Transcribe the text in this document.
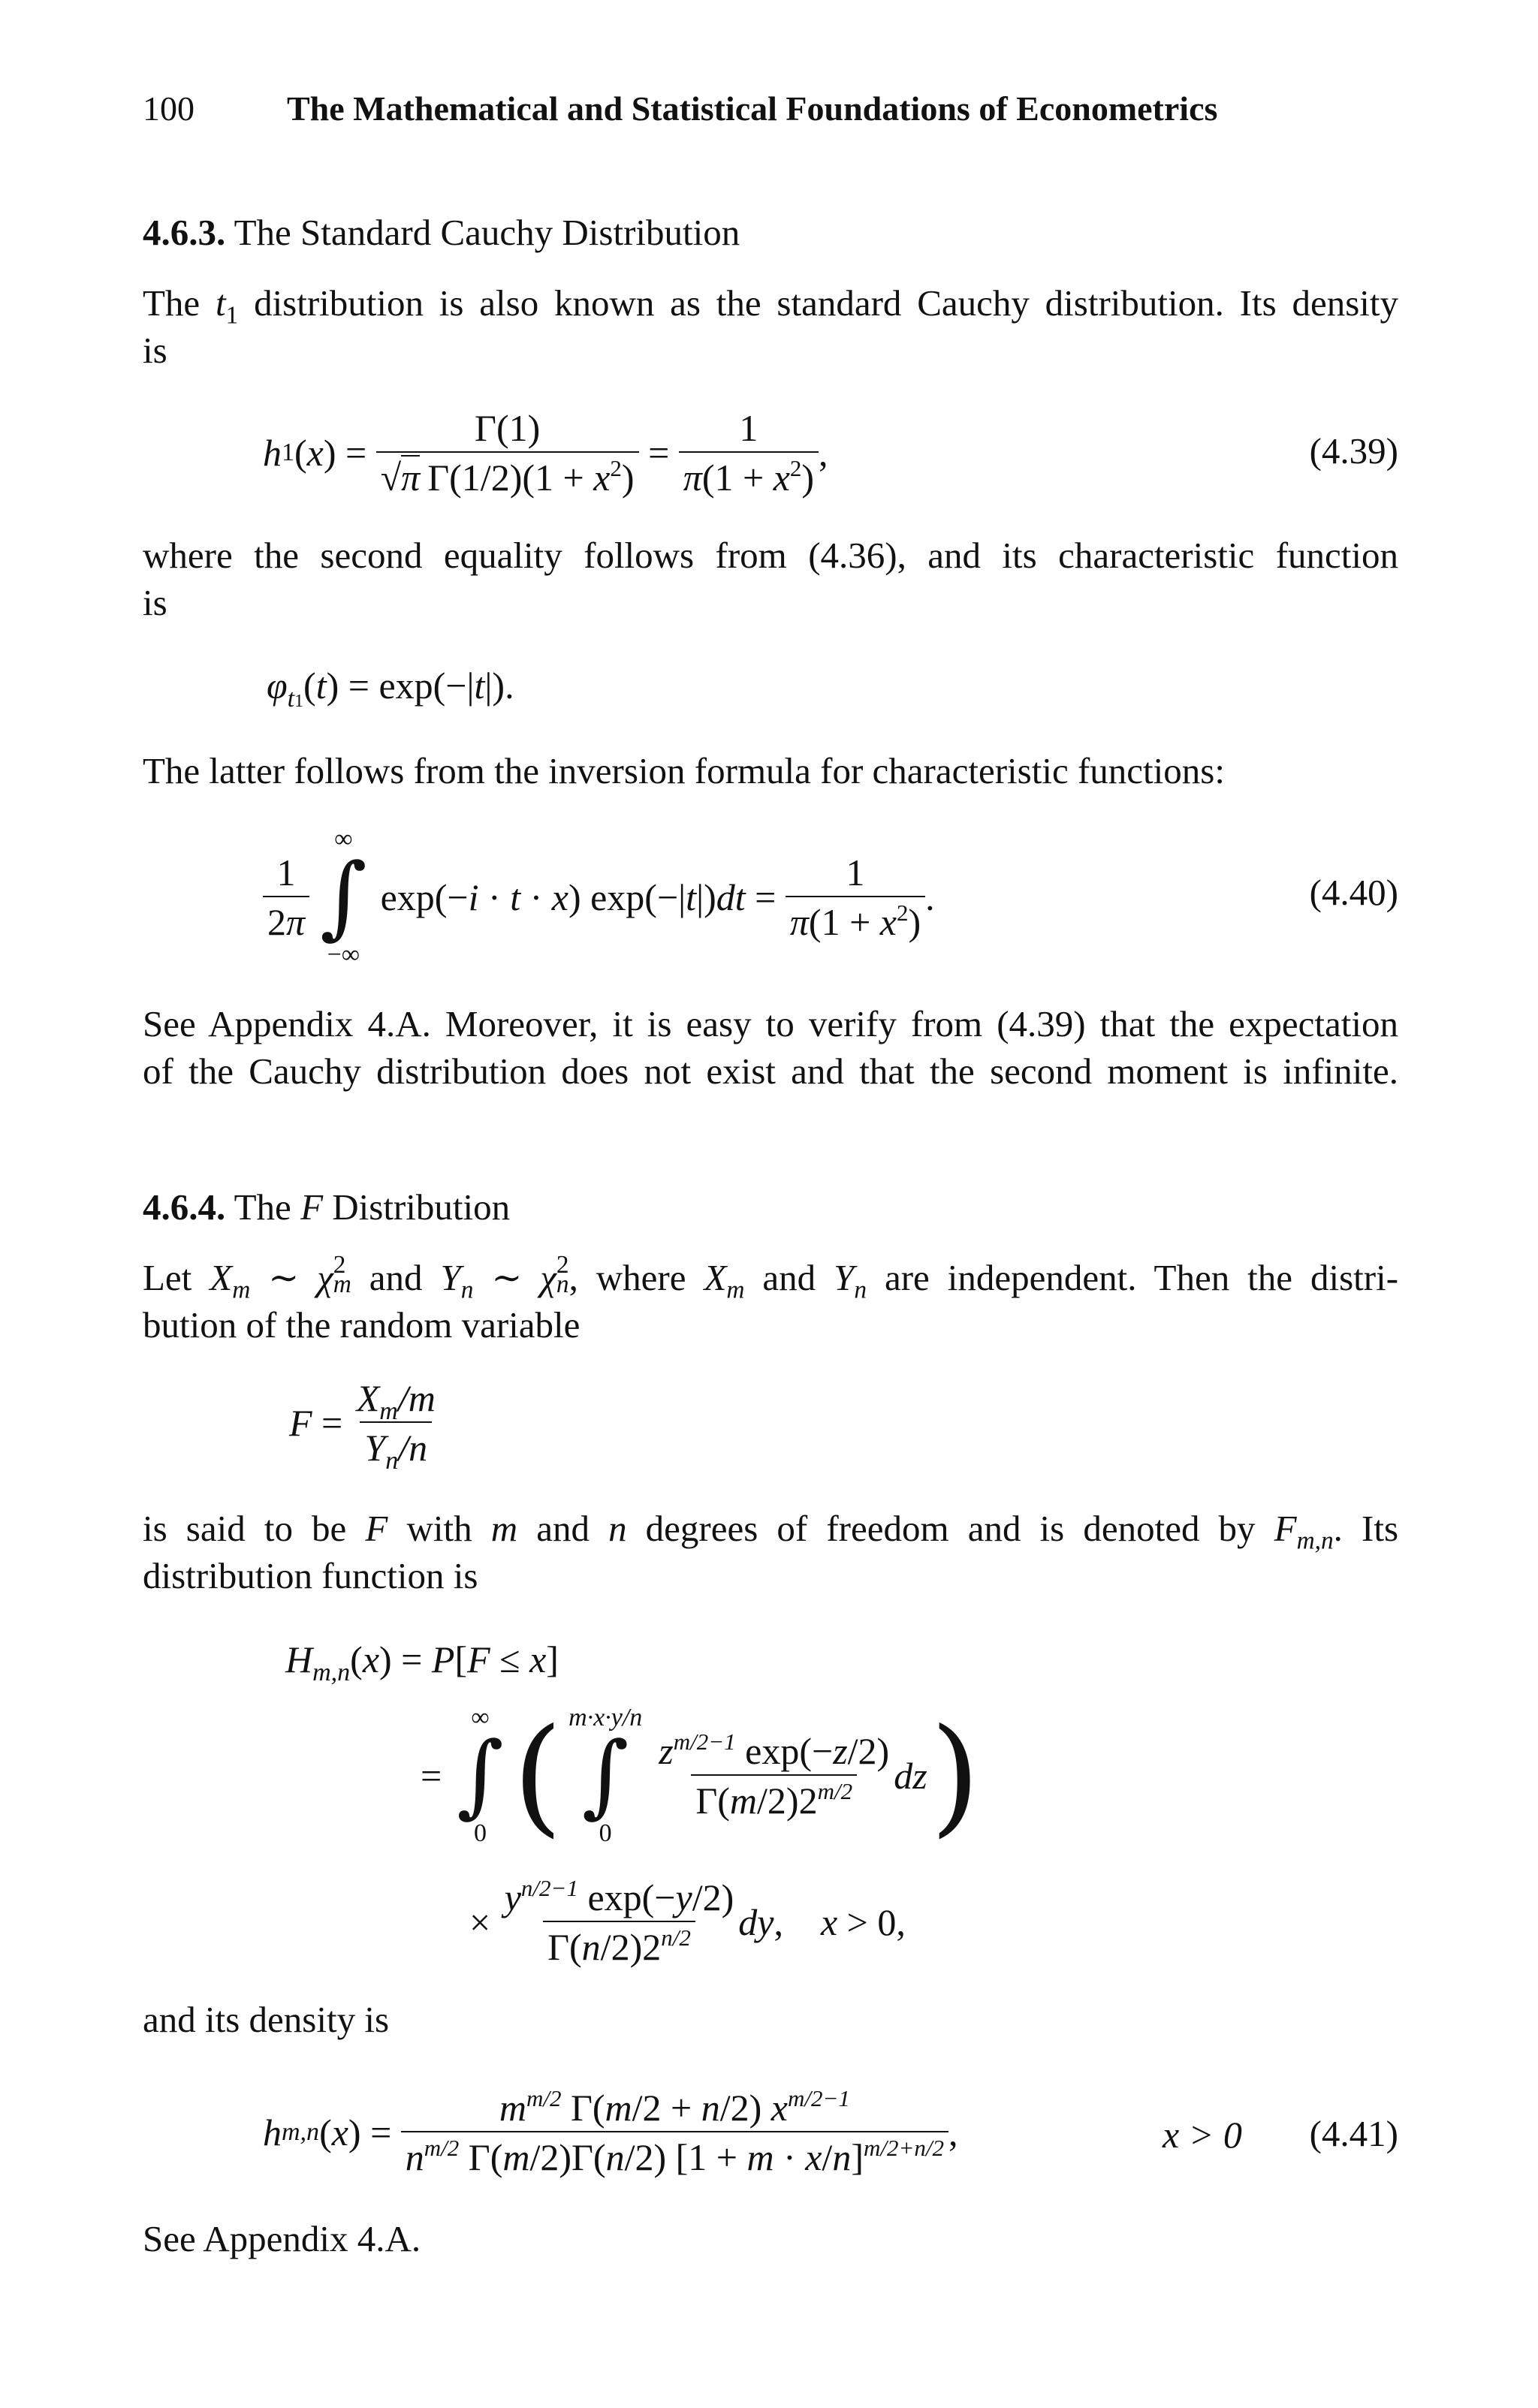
100	The Mathematical and Statistical Foundations of Econometrics
4.6.3. The Standard Cauchy Distribution
The $t_1$ distribution is also known as the standard Cauchy distribution. Its density
is
h 1 $(x) = \frac{\Gamma(1)}{√\pi \Gamma(1/2)(1 + x^2)} = \frac{1}{\pi(1 + x^2)}$ ,	(4.39)
where the second equality follows from (4.36), and its characteristic function
is
$\varphi_{t1}(t) = \exp(-|t|)$.
The latter follows from the inversion formula for characteristic functions:
$\frac{1}{2\pi}$
∞
∫
−∞
exp(−i · t · x) $\exp(-|t|)dt = \frac{1}{\pi(1 + x^2)}$ .	(4.40)
See Appendix 4.A. Moreover, it is easy to verify from (4.39) that the expectation
of the Cauchy distribution does not exist and that the second moment is infinite.
4.6.4. The F Distribution
Let $X_m$ ∼ χ 2
m and $Y_n$ ∼ χ 2
n , where $X_m$ and $Y_n$ are independent. Then the distri-
bution of the random variable
$F = \frac{X_m/m}{Y_n/n}$
is said to be F with m and n degrees of freedom and is denoted by $F_{m,n}$. Its
distribution function is
$H_{m,n}(x) = P[F \le x]$
=
∞
∫
0 ( m·x·y/n
∫
0
$\frac{z^{m/2-1} \exp(-z/2)}{\Gamma(m/2)2^{m/2}}$ dz )
× $\frac{y^{n/2-1} \exp(-y/2)}{\Gamma(n/2)2^{n/2}}$ dy ,    x > 0,
and its density is
h m,n $(x) = \frac{m^{m/2} \Gamma(m/2 + n/2) x^{m/2-1}}{n^{m/2} \Gamma(m/2)\Gamma(n/2) [1 + m \cdot x/n]^{m/2+n/2}}$ ,	x > 0 (4.41)
See Appendix 4.A.
